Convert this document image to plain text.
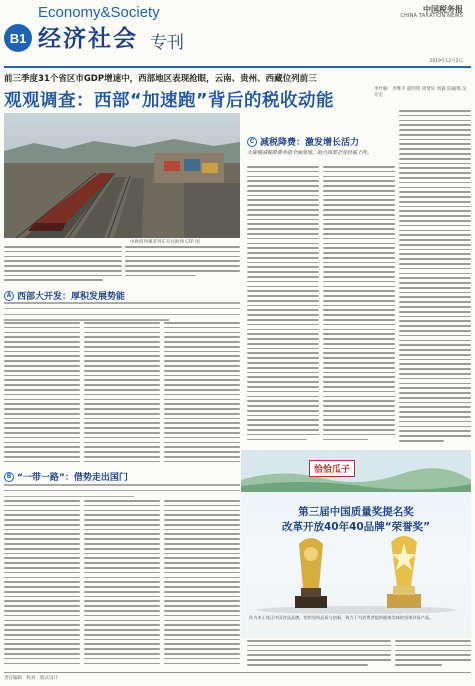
B1
Economy&Society
经济社会 专刊
中国税务报
CHINA TAXATION NEWS
2019年12月2日
前三季度31个省区市GDP增速中，西部地区表现抢眼，云南、贵州、西藏位列前三
观观调查：西部“加速跑”背后的税收动能
李竹楠　李继平 霍明明 周贤轩 周毅 阳毅翔 吴开宏
中欧班列乘者列车开往欧洲 CFP 图
A 西部大开发：厚积发展势能
B “一带一路”：借势走出国门
C 减税降费：激发增长活力
大规模减税降费举措全面落地，助力西部企业轻装上阵。
恰恰瓜子
第三届中国质量奖提名奖
改革开放40年40品牌“荣誉奖”
作为本土纯正中国食品品牌，恰恰坚持品质与创新，致力于为消费者提供健康美味的坚果炒货产品。
责任编辑　校对　版式设计
